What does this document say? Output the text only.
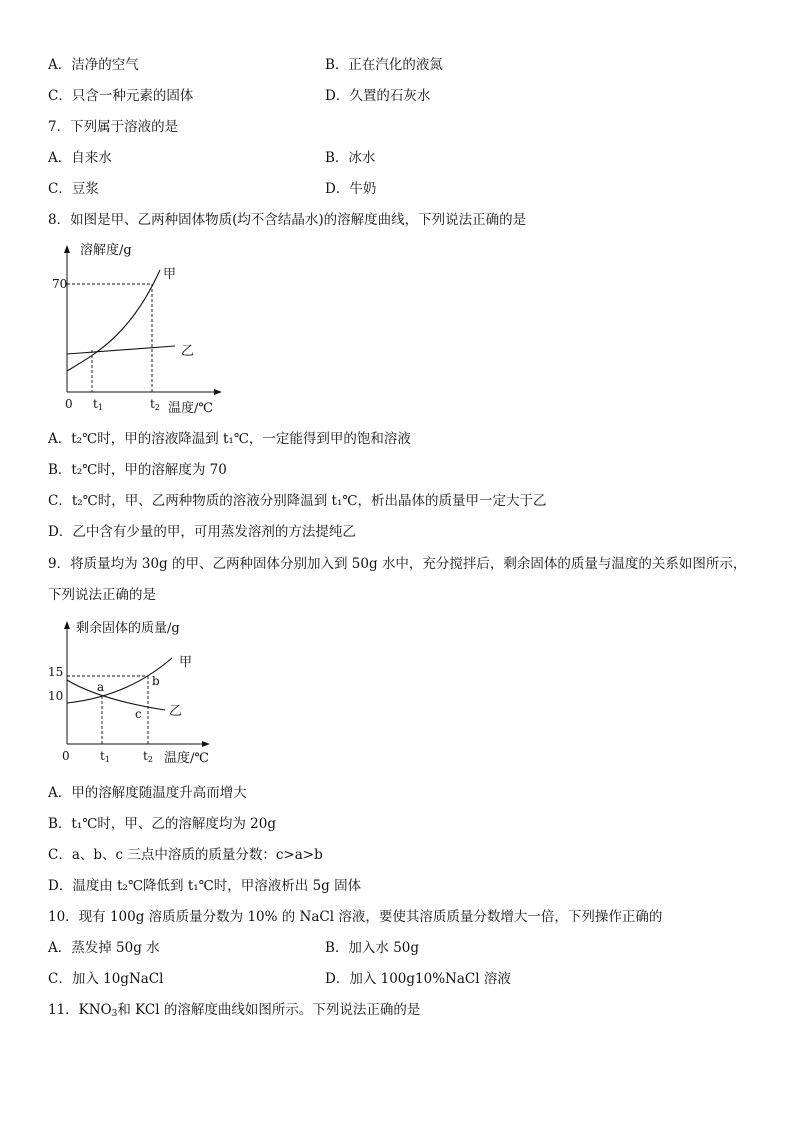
A．洁净的空气	B．正在汽化的液氮
C．只含一种元素的固体	D．久置的石灰水
7．下列属于溶液的是
A．自来水	B．冰水
C．豆浆	D．牛奶
8．如图是甲、乙两种固体物质(均不含结晶水)的溶解度曲线，下列说法正确的是
溶解度/g
70
0 t1	t2 温度/℃
甲
乙
A．t₂℃时，甲的溶液降温到 t₁℃，一定能得到甲的饱和溶液
B．t₂℃时，甲的溶解度为 70
C．t₂℃时，甲、乙两种物质的溶液分别降温到 t₁℃，析出晶体的质量甲一定大于乙
D．乙中含有少量的甲，可用蒸发溶剂的方法提纯乙
9．将质量均为 30g 的甲、乙两种固体分别加入到 50g 水中，充分搅拌后，剩余固体的质量与温度的关系如图所示，
下列说法正确的是
剩余固体的质量/g
15
10
0	t1	t2 温度/℃
甲
乙
a	b
c
A．甲的溶解度随温度升高而增大
B．t₁℃时，甲、乙的溶解度均为 20g
C．a、b、c 三点中溶质的质量分数：c>a>b
D．温度由 t₂℃降低到 t₁℃时，甲溶液析出 5g 固体
10．现有 100g 溶质质量分数为 10% 的 NaCl 溶液，要使其溶质质量分数增大一倍，下列操作正确的
A．蒸发掉 50g 水	B．加入水 50g
C．加入 10gNaCl	D．加入 100g10%NaCl 溶液
11．$KNO_3$和 KCl 的溶解度曲线如图所示。下列说法正确的是
